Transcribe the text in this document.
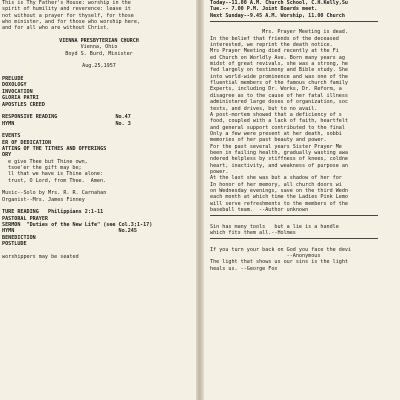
This is Thy Father's House: worship in the
spirit of humility and reverence: leave it
not without a prayer for thyself, for those
who minister, and for those who worship here,
and for all who are without Christ.
VIENNA PRESBYTERIAN CHURCH
Vienna, Ohio
Boyd S. Burd, Minister
Aug.25,1957
PRELUDE
DOXOLOGY
INVOCATION
GLORIA PATRI
APOSTLES CREED
RESPONSIVE READING                   No.47
HYMN                                 No. 3
EVENTS
ER OF DEDICATION
ATTING OF THE TITHES AND OFFERINGS
ORY
e give Thee but Thine own,
tsoe'er the gift may be;
ll that we have is Thine alone:
trust, O Lord, from Thee.  Amen.
Music--Solo by Mrs. R. R. Carnahan
Organist--Mrs. James Finney
TURE READING   Philippians 2:1-11
PASTORAL PRAYER
SERMON  "Duties of the New Life" (see Col.3;1-17)
HYMN                                  No.245
BENEDICTION
POSTLUDE
worshippers may be seated
Today--11.00 A.M. Church School, C.H.Kelly,Su
Tue.-- 7.00 P.M. Joint Boards meet.
Next Sunday--9.45 A.M. Worship, 11.00 Church
Mrs. Prayer Meeting is dead.
In the belief that friends of the deceased
interested, we reprint the death notice.
Mrs Prayer Meeting died recently at the Fi
ed Church on Worldly Ave. Born many years ag
midst of great revivals, she was a strong, he
fed largely on testimony and Bible study. She
into world-wide prominence and was one of the
fluential members of the famous church family
Experts, including Dr. Works, Dr. Reform, a
disagree as to the cause of her fatal illness
administered large doses of organization, soc
tests, and drives, but to no avail.
A post-mortem showed that a deficiency of s
food, coupled with a lack of faith, heartfelt
and general support contributed to the final
Only a few were present at her death, sobbi
memories of her past beauty and power.
For the past several years Sister Prayer Me
been in failing health, gradually wasting awa
ndered helpless by stiffness of knees, coldne
heart, inactivity, and weakness of purpose an
power.
At the last she was but a shadow of her for
In honor of her memory, all church doors wi
on Wednesday evenings, save on the third Wedn
each month at which time the Ladies Pink Lemo
will serve refreshments to the members of the
baseball team.  --Author unknown
Sin has many tools   but a lie is a handle
which fits them all.--Holmes
If you turn your back on God you face the devi
--Anonymous
The light that shows us our sins is the light
heals us. --George Fox
